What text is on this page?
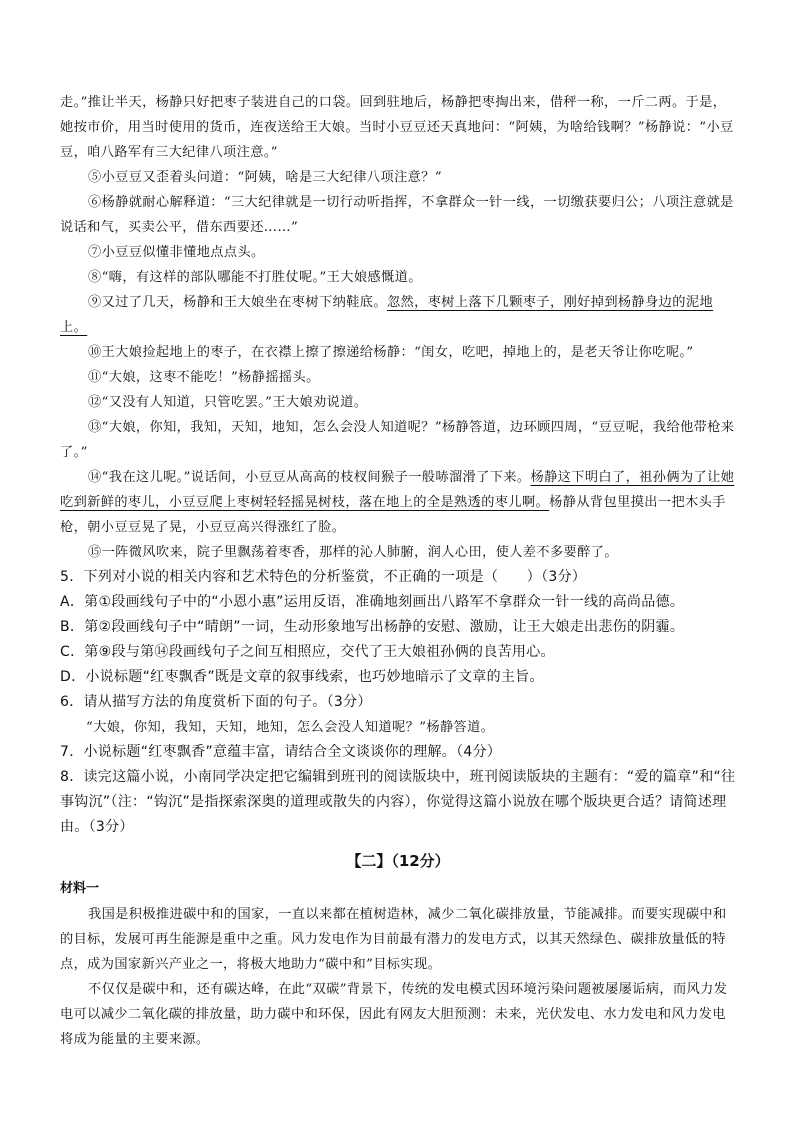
走。”推让半天，杨静只好把枣子装进自己的口袋。回到驻地后，杨静把枣掏出来，借秤一称，一斤二两。于是，她按市价，用当时使用的货币，连夜送给王大娘。当时小豆豆还天真地问：“阿姨，为啥给钱啊？”杨静说：“小豆豆，咱八路军有三大纪律八项注意。”

⑤小豆豆又歪着头问道：“阿姨，啥是三大纪律八项注意？”

⑥杨静就耐心解释道：“三大纪律就是一切行动听指挥，不拿群众一针一线，一切缴获要归公；八项注意就是说话和气，买卖公平，借东西要还……”

⑦小豆豆似懂非懂地点点头。

⑧“嗨，有这样的部队哪能不打胜仗呢。”王大娘感慨道。

⑨又过了几天，杨静和王大娘坐在枣树下纳鞋底。忽然，枣树上落下几颗枣子，刚好掉到杨静身边的泥地上。

⑩王大娘捡起地上的枣子，在衣襟上擦了擦递给杨静：“闺女，吃吧，掉地上的，是老天爷让你吃呢。”

⑪“大娘，这枣不能吃！”杨静摇摇头。

⑫“又没有人知道，只管吃罢。”王大娘劝说道。

⑬“大娘，你知，我知，天知，地知，怎么会没人知道呢？”杨静答道，边环顾四周，“豆豆呢，我给他带枪来了。”

⑭“我在这儿呢。”说话间，小豆豆从高高的枝杈间猴子一般哧溜滑了下来。杨静这下明白了，祖孙俩为了让她吃到新鲜的枣儿，小豆豆爬上枣树轻轻摇晃树枝，落在地上的全是熟透的枣儿啊。杨静从背包里摸出一把木头手枪，朝小豆豆晃了晃，小豆豆高兴得涨红了脸。

⑮一阵微风吹来，院子里飘荡着枣香，那样的沁人肺腑，润人心田，使人差不多要醉了。

5．下列对小说的相关内容和艺术特色的分析鉴赏，不正确的一项是（　　）（3分）

A．第①段画线句子中的“小恩小惠”运用反语，准确地刻画出八路军不拿群众一针一线的高尚品德。

B．第②段画线句子中“晴朗”一词，生动形象地写出杨静的安慰、激励，让王大娘走出悲伤的阴霾。

C．第⑨段与第⑭段画线句子之间互相照应，交代了王大娘祖孙俩的良苦用心。

D．小说标题“红枣飘香”既是文章的叙事线索，也巧妙地暗示了文章的主旨。

6．请从描写方法的角度赏析下面的句子。（3分）

“大娘，你知，我知，天知，地知，怎么会没人知道呢？”杨静答道。

7．小说标题“红枣飘香”意蕴丰富，请结合全文谈谈你的理解。（4分）

8．读完这篇小说，小南同学决定把它编辑到班刊的阅读版块中，班刊阅读版块的主题有：“爱的篇章”和“往事钩沉”（注：“钩沉”是指探索深奥的道理或散失的内容），你觉得这篇小说放在哪个版块更合适？请简述理由。（3分）

【二】（12分）
材料一

我国是积极推进碳中和的国家，一直以来都在植树造林，减少二氧化碳排放量，节能减排。而要实现碳中和的目标，发展可再生能源是重中之重。风力发电作为目前最有潜力的发电方式，以其天然绿色、碳排放量低的特点，成为国家新兴产业之一，将极大地助力“碳中和”目标实现。

不仅仅是碳中和，还有碳达峰，在此“双碳”背景下，传统的发电模式因环境污染问题被屡屡诟病，而风力发电可以减少二氧化碳的排放量，助力碳中和环保，因此有网友大胆预测：未来，光伏发电、水力发电和风力发电将成为能量的主要来源。
